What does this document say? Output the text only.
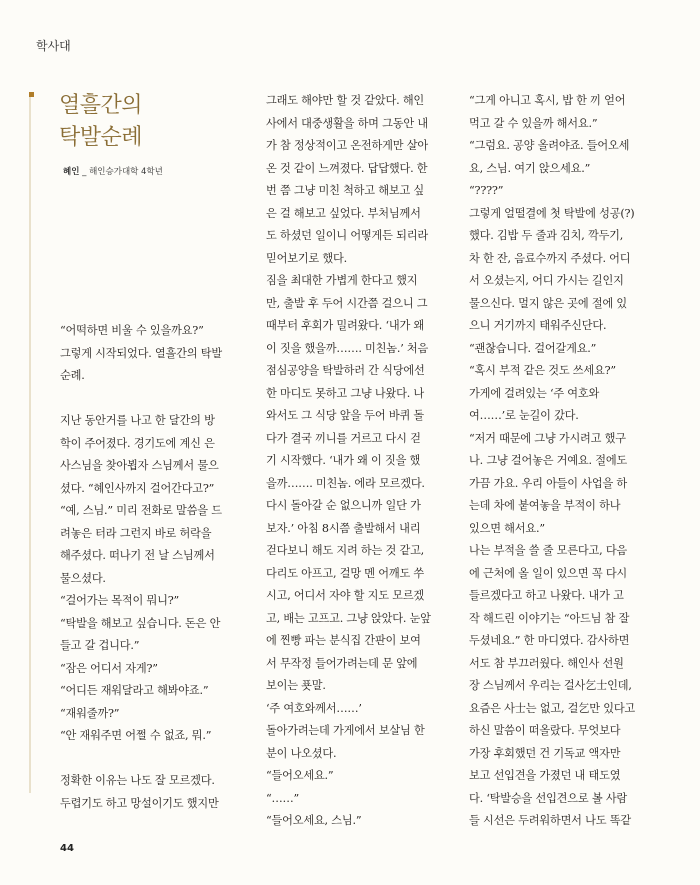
학사대
열흘간의
탁발순례
혜인 _ 해인승가대학 4학년

“어떡하면 비울 수 있을까요?”

그렇게 시작되었다. 열흘간의 탁발

순례.

지난 동안거를 나고 한 달간의 방

학이 주어졌다. 경기도에 계신 은

사스님을 찾아뵙자 스님께서 물으

셨다. “혜인사까지 걸어간다고?”

“예, 스님.” 미리 전화로 말씀을 드

려놓은 터라 그런지 바로 허락을

해주셨다. 떠나기 전 날 스님께서

물으셨다.

“걸어가는 목적이 뭐니?”

“탁발을 해보고 싶습니다. 돈은 안

들고 갈 겁니다.”

“잠은 어디서 자게?”

“어디든 재워달라고 해봐야죠.”

“재워줄까?”

“안 재워주면 어쩔 수 없죠, 뭐.”

정확한 이유는 나도 잘 모르겠다.

두렵기도 하고 망설이기도 했지만

그래도 해야만 할 것 같았다. 해인

사에서 대중생활을 하며 그동안 내

가 참 정상적이고 온전하게만 살아

온 것 같이 느껴졌다. 답답했다. 한

번 쯤 그냥 미친 척하고 해보고 싶

은 걸 해보고 싶었다. 부처님께서

도 하셨던 일이니 어떻게든 되리라

믿어보기로 했다.

짐을 최대한 가볍게 한다고 했지

만, 출발 후 두어 시간쯤 걸으니 그

때부터 후회가 밀려왔다. ‘내가 왜

이 짓을 했을까……. 미친놈.’ 처음

점심공양을 탁발하러 간 식당에선

한 마디도 못하고 그냥 나왔다. 나

와서도 그 식당 앞을 두어 바퀴 돌

다가 결국 끼니를 거르고 다시 걷

기 시작했다. ‘내가 왜 이 짓을 했

을까……. 미친놈. 에라 모르겠다.

다시 돌아갈 순 없으니까 일단 가

보자.’ 아침 8시쯤 출발해서 내리

걷다보니 해도 지려 하는 것 같고,

다리도 아프고, 걸망 멘 어깨도 쑤

시고, 어디서 자야 할 지도 모르겠

고, 배는 고프고. 그냥 앉았다. 눈앞

에 찐빵 파는 분식집 간판이 보여

서 무작정 들어가려는데 문 앞에

보이는 푯말.

‘주 여호와께서……’

돌아가려는데 가게에서 보살님 한

분이 나오셨다.

“들어오세요.”

“……”

“들어오세요, 스님.”

“그게 아니고 혹시, 밥 한 끼 얻어

먹고 갈 수 있을까 해서요.”

“그럼요. 공양 올려야죠. 들어오세

요, 스님. 여기 앉으세요.”

“????”

그렇게 얼떨결에 첫 탁발에 성공(?)

했다. 김밥 두 줄과 김치, 깍두기,

차 한 잔, 음료수까지 주셨다. 어디

서 오셨는지, 어디 가시는 길인지

물으신다. 멀지 않은 곳에 절에 있

으니 거기까지 태워주신단다.

“괜찮습니다. 걸어갈게요.”

“혹시 부적 같은 것도 쓰세요?”

가게에 걸려있는 ‘주 여호와

여……’로 눈길이 갔다.

“저거 때문에 그냥 가시려고 했구

나. 그냥 걸어놓은 거예요. 절에도

가끔 가요. 우리 아들이 사업을 하

는데 차에 붙여놓을 부적이 하나

있으면 해서요.”

나는 부적을 쓸 줄 모른다고, 다음

에 근처에 올 일이 있으면 꼭 다시

들르겠다고 하고 나왔다. 내가 고

작 해드린 이야기는 “아드님 참 잘

두셨네요.” 한 마디였다. 감사하면

서도 참 부끄러웠다. 해인사 선원

장 스님께서 우리는 걸사乞士인데,

요즘은 사士는 없고, 걸乞만 있다고

하신 말씀이 떠올랐다. 무엇보다

가장 후회했던 건 기독교 액자만

보고 선입견을 가졌던 내 태도였

다. ‘탁발승을 선입견으로 볼 사람

들 시선은 두려워하면서 나도 똑같

44
